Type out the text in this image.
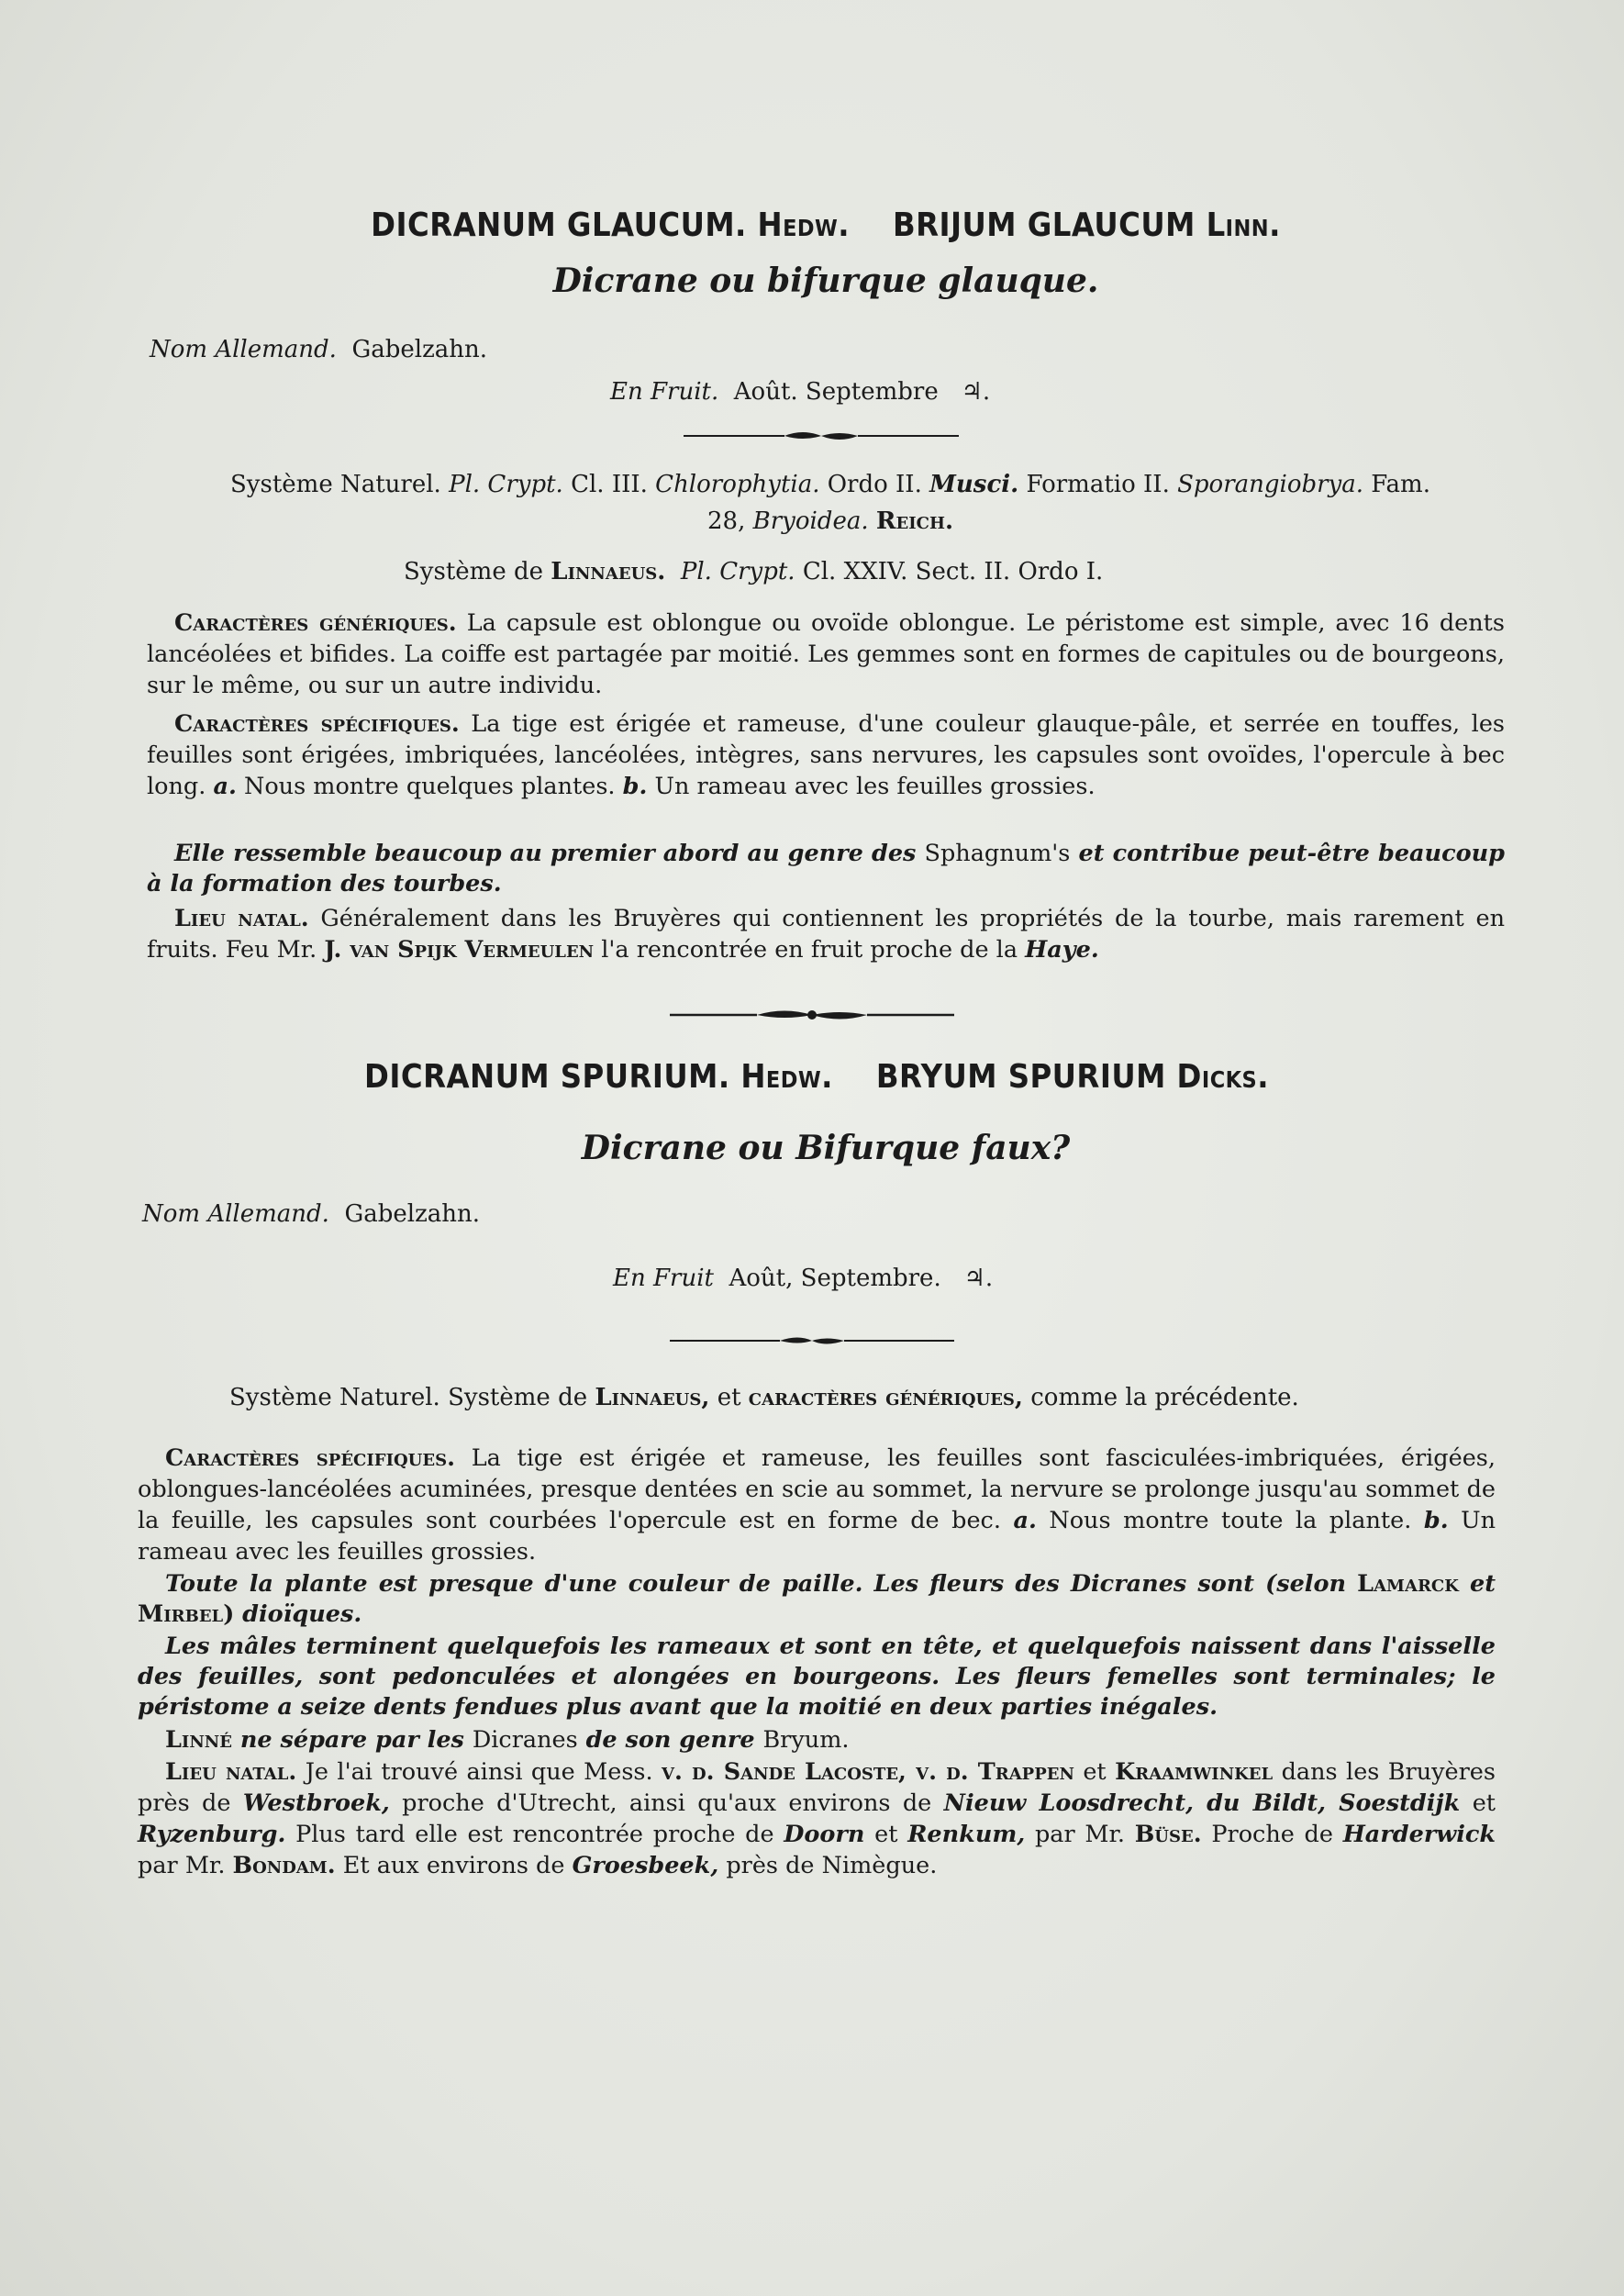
DICRANUM GLAUCUM. Hedw. BRIJUM GLAUCUM Linn.
Dicrane ou bifurque glauque.
Nom Allemand. Gabelzahn.
En Fruit. Août. Septembre ♃.
Système Naturel. Pl. Crypt. Cl. III. Chlorophytia. Ordo II. Musci. Formatio II. Sporangiobrya. Fam.
28, Bryoidea. Reich.
Système de Linnaeus. Pl. Crypt. Cl. XXIV. Sect. II. Ordo I.

Caractères génériques. La capsule est oblongue ou ovoïde oblongue. Le péristome est simple, avec 16 dents lancéolées et bifides. La coiffe est partagée par moitié. Les gemmes sont en formes de capitules ou de bourgeons, sur le même, ou sur un autre individu.

Caractères spécifiques. La tige est érigée et rameuse, d'une couleur glauque-pâle, et serrée en touffes, les feuilles sont érigées, imbriquées, lancéolées, intègres, sans nervures, les capsules sont ovoïdes, l'opercule à bec long. a. Nous montre quelques plantes. b. Un rameau avec les feuilles grossies.

Elle ressemble beaucoup au premier abord au genre des Sphagnum's et contribue peut-être beaucoup à la formation des tourbes.

Lieu natal. Généralement dans les Bruyères qui contiennent les propriétés de la tourbe, mais rarement en fruits. Feu Mr. J. van Spijk Vermeulen l'a rencontrée en fruit proche de la Haye.

DICRANUM SPURIUM. Hedw. BRYUM SPURIUM Dicks.
Dicrane ou Bifurque faux?
Nom Allemand. Gabelzahn.
En Fruit Août, Septembre. ♃.
Système Naturel. Système de Linnaeus, et caractères génériques, comme la précédente.

Caractères spécifiques. La tige est érigée et rameuse, les feuilles sont fasciculées-imbriquées, érigées, oblongues-lancéolées acuminées, presque dentées en scie au sommet, la nervure se prolonge jusqu'au sommet de la feuille, les capsules sont courbées l'opercule est en forme de bec. a. Nous montre toute la plante. b. Un rameau avec les feuilles grossies.

Toute la plante est presque d'une couleur de paille. Les fleurs des Dicranes sont (selon Lamarck et Mirbel) dioïques.

Les mâles terminent quelquefois les rameaux et sont en tête, et quelquefois naissent dans l'aisselle des feuilles, sont pedonculées et alongées en bourgeons. Les fleurs femelles sont terminales; le péristome a seize dents fendues plus avant que la moitié en deux parties inégales.

Linné ne sépare par les Dicranes de son genre Bryum.

Lieu natal. Je l'ai trouvé ainsi que Mess. v. d. Sande Lacoste, v. d. Trappen et Kraamwinkel dans les Bruyères près de Westbroek, proche d'Utrecht, ainsi qu'aux environs de Nieuw Loosdrecht, du Bildt, Soestdijk et Ryzenburg. Plus tard elle est rencontrée proche de Doorn et Renkum, par Mr. Büse. Proche de Harderwick par Mr. Bondam. Et aux environs de Groesbeek, près de Nimègue.
